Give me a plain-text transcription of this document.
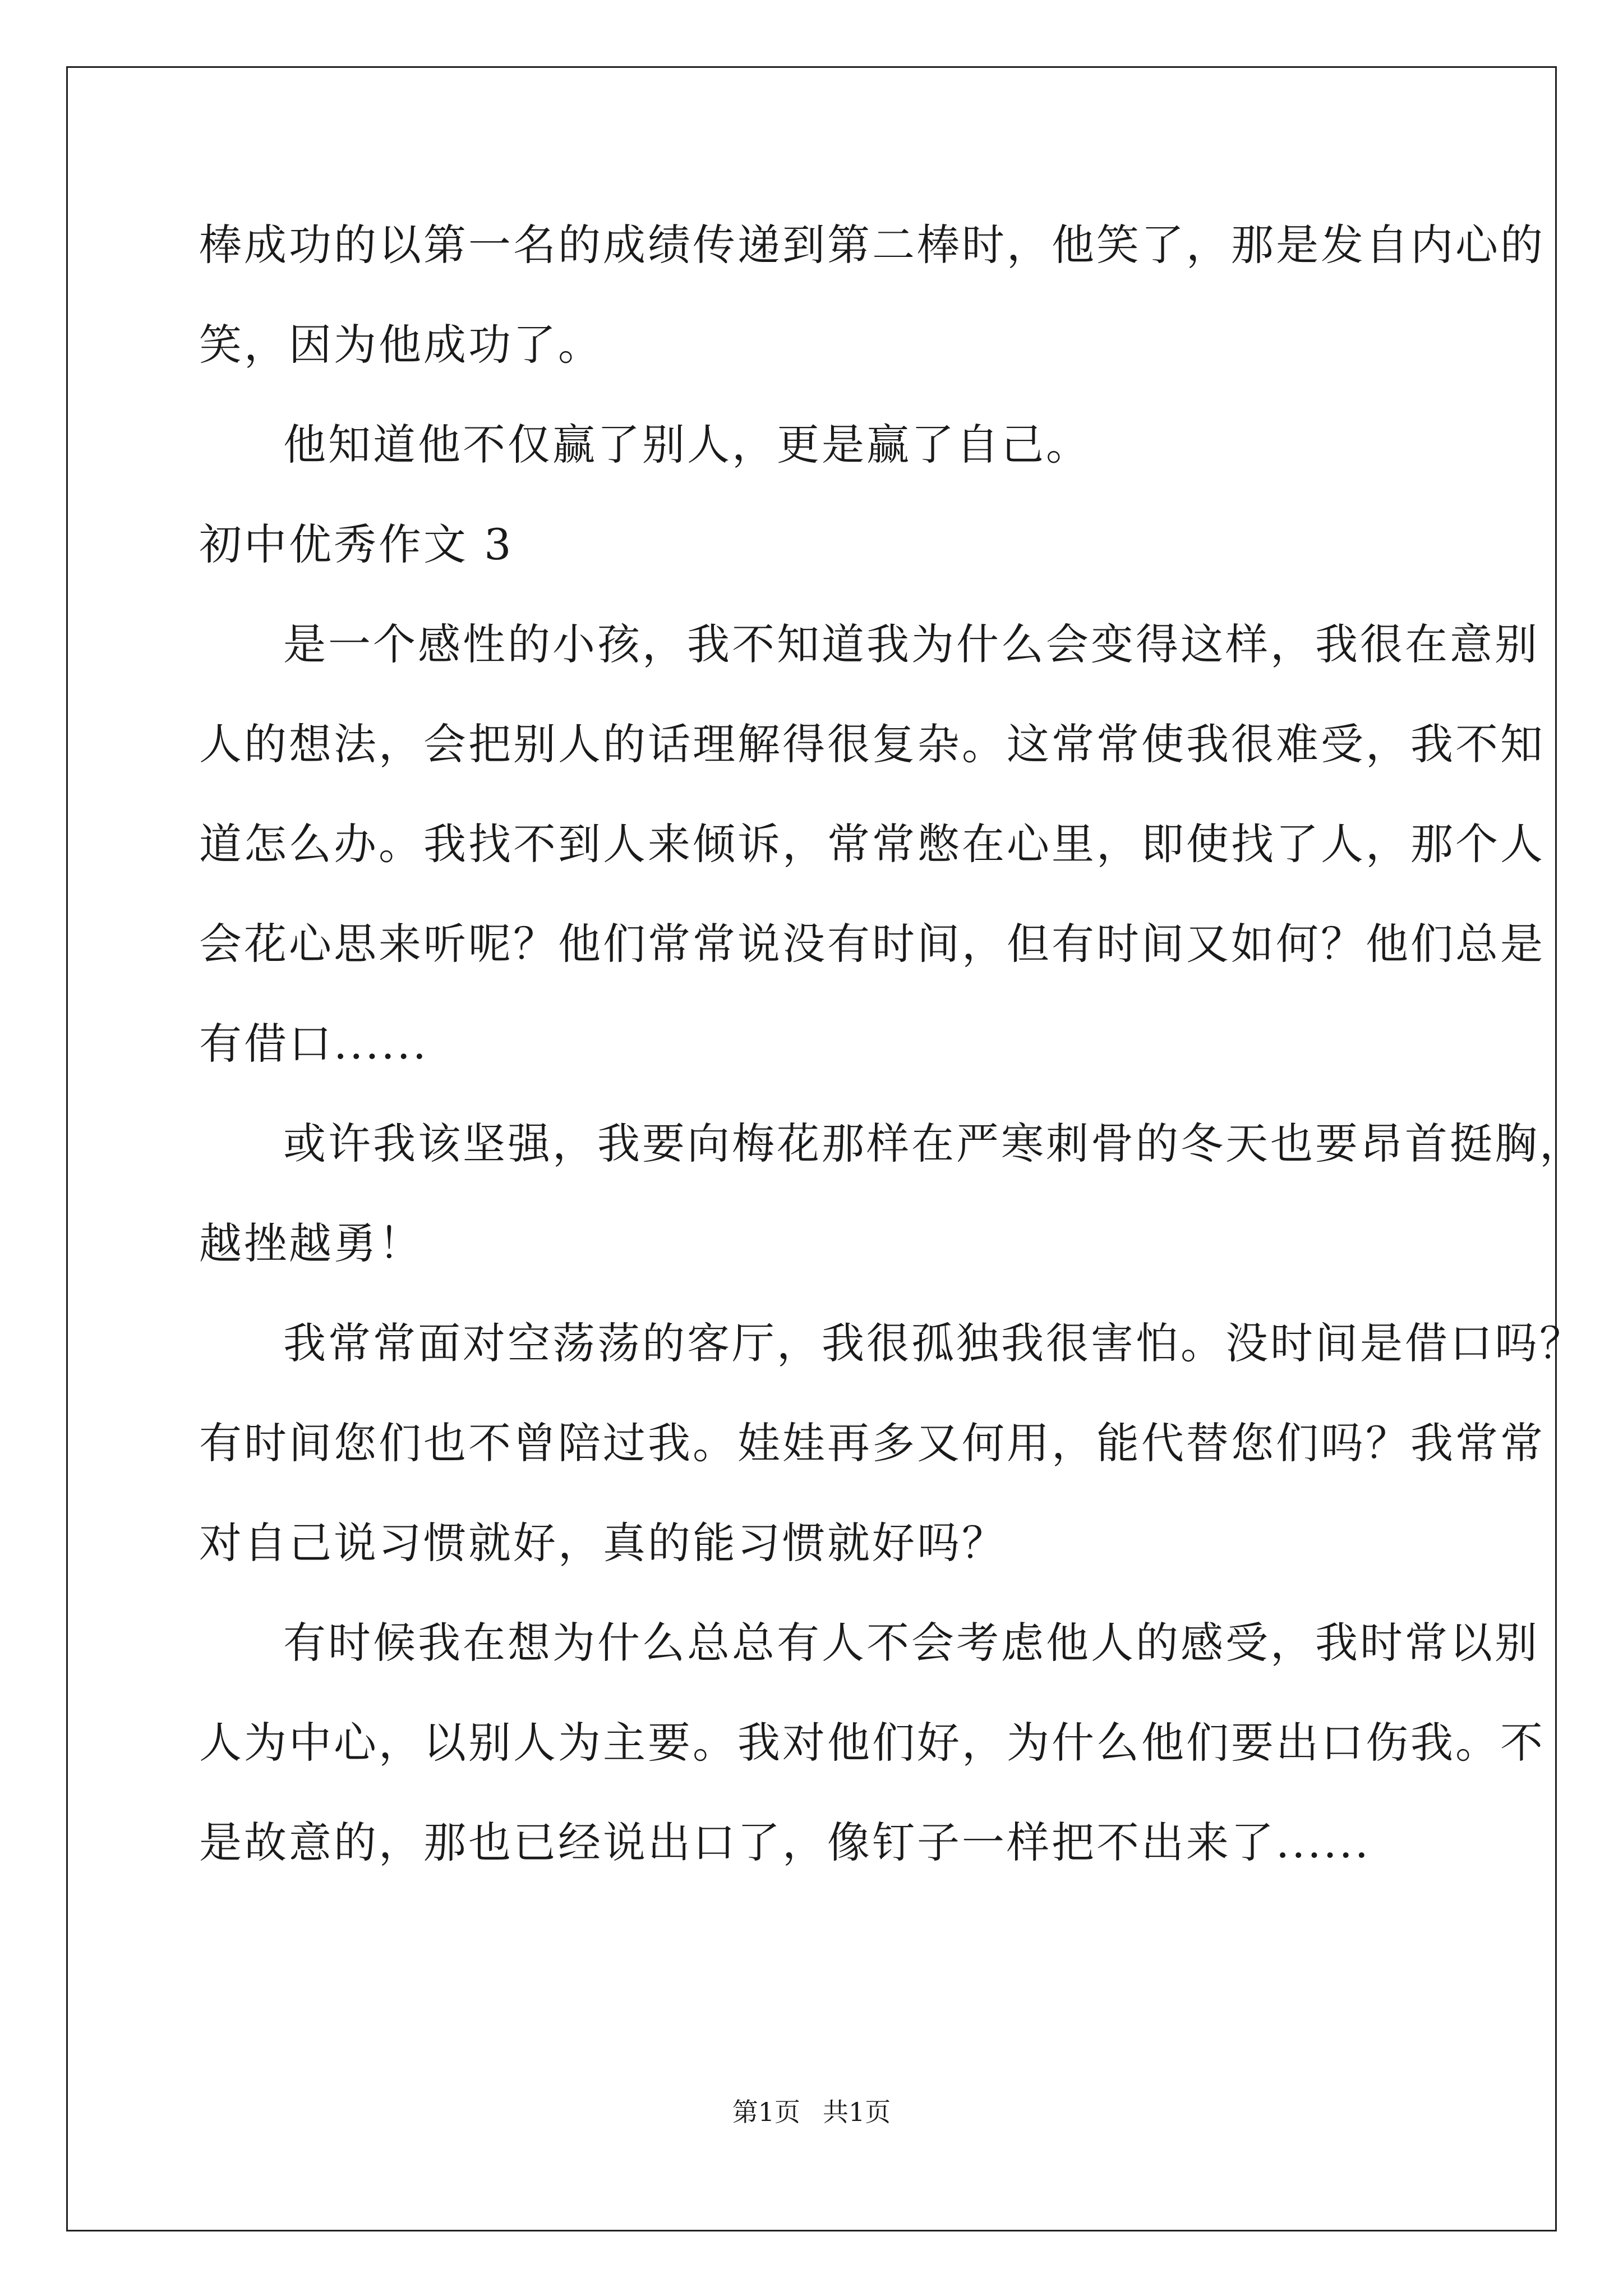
棒成功的以第一名的成绩传递到第二棒时，他笑了，那是发自内心的
笑，因为他成功了。
他知道他不仅赢了别人，更是赢了自己。
初中优秀作文 3
是一个感性的小孩，我不知道我为什么会变得这样，我很在意别
人的想法，会把别人的话理解得很复杂。这常常使我很难受，我不知
道怎么办。我找不到人来倾诉，常常憋在心里，即使找了人，那个人
会花心思来听呢？他们常常说没有时间，但有时间又如何？他们总是
有借口......
或许我该坚强，我要向梅花那样在严寒刺骨的冬天也要昂首挺胸，
越挫越勇！
我常常面对空荡荡的客厅，我很孤独我很害怕。没时间是借口吗？
有时间您们也不曾陪过我。娃娃再多又何用，能代替您们吗？我常常
对自己说习惯就好，真的能习惯就好吗？
有时候我在想为什么总总有人不会考虑他人的感受，我时常以别
人为中心，以别人为主要。我对他们好，为什么他们要出口伤我。不
是故意的，那也已经说出口了，像钉子一样把不出来了......
第1页 共1页
